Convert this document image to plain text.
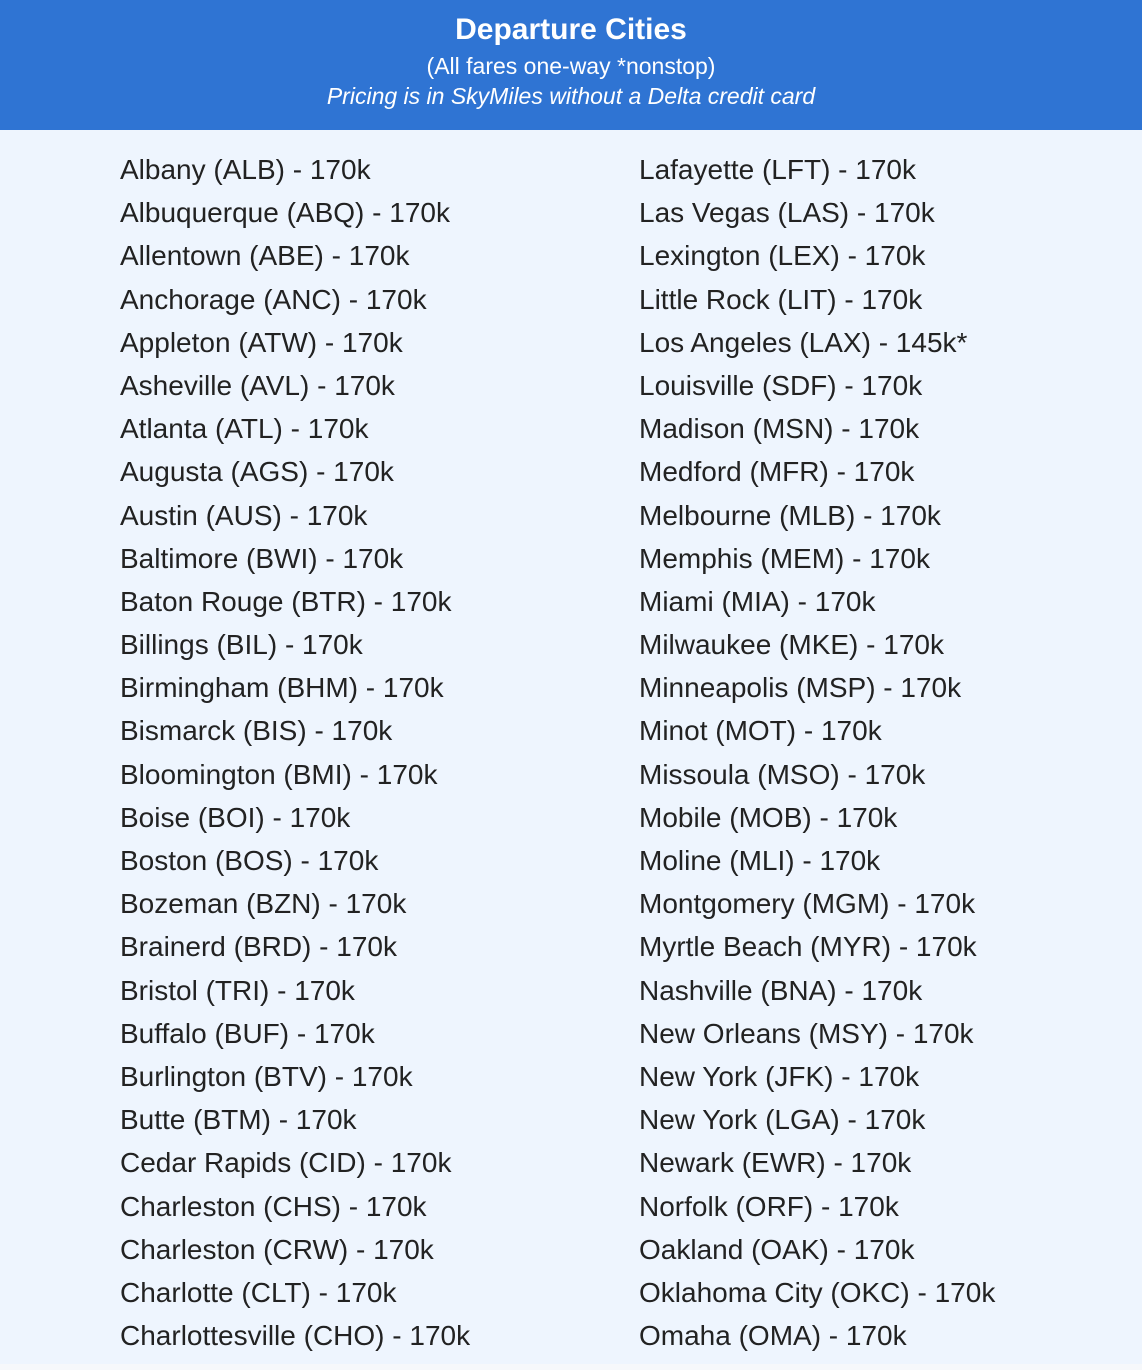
Departure Cities
(All fares one-way *nonstop)
Pricing is in SkyMiles without a Delta credit card
Albany (ALB) - 170k
Albuquerque (ABQ) - 170k
Allentown (ABE) - 170k
Anchorage (ANC) - 170k
Appleton (ATW) - 170k
Asheville (AVL) - 170k
Atlanta (ATL) - 170k
Augusta (AGS) - 170k
Austin (AUS) - 170k
Baltimore (BWI) - 170k
Baton Rouge (BTR) - 170k
Billings (BIL) - 170k
Birmingham (BHM) - 170k
Bismarck (BIS) - 170k
Bloomington (BMI) - 170k
Boise (BOI) - 170k
Boston (BOS) - 170k
Bozeman (BZN) - 170k
Brainerd (BRD) - 170k
Bristol (TRI) - 170k
Buffalo (BUF) - 170k
Burlington (BTV) - 170k
Butte (BTM) - 170k
Cedar Rapids (CID) - 170k
Charleston (CHS) - 170k
Charleston (CRW) - 170k
Charlotte (CLT) - 170k
Charlottesville (CHO) - 170k
Lafayette (LFT) - 170k
Las Vegas (LAS) - 170k
Lexington (LEX) - 170k
Little Rock (LIT) - 170k
Los Angeles (LAX) - 145k*
Louisville (SDF) - 170k
Madison (MSN) - 170k
Medford (MFR) - 170k
Melbourne (MLB) - 170k
Memphis (MEM) - 170k
Miami (MIA) - 170k
Milwaukee (MKE) - 170k
Minneapolis (MSP) - 170k
Minot (MOT) - 170k
Missoula (MSO) - 170k
Mobile (MOB) - 170k
Moline (MLI) - 170k
Montgomery (MGM) - 170k
Myrtle Beach (MYR) - 170k
Nashville (BNA) - 170k
New Orleans (MSY) - 170k
New York (JFK) - 170k
New York (LGA) - 170k
Newark (EWR) - 170k
Norfolk (ORF) - 170k
Oakland (OAK) - 170k
Oklahoma City (OKC) - 170k
Omaha (OMA) - 170k
